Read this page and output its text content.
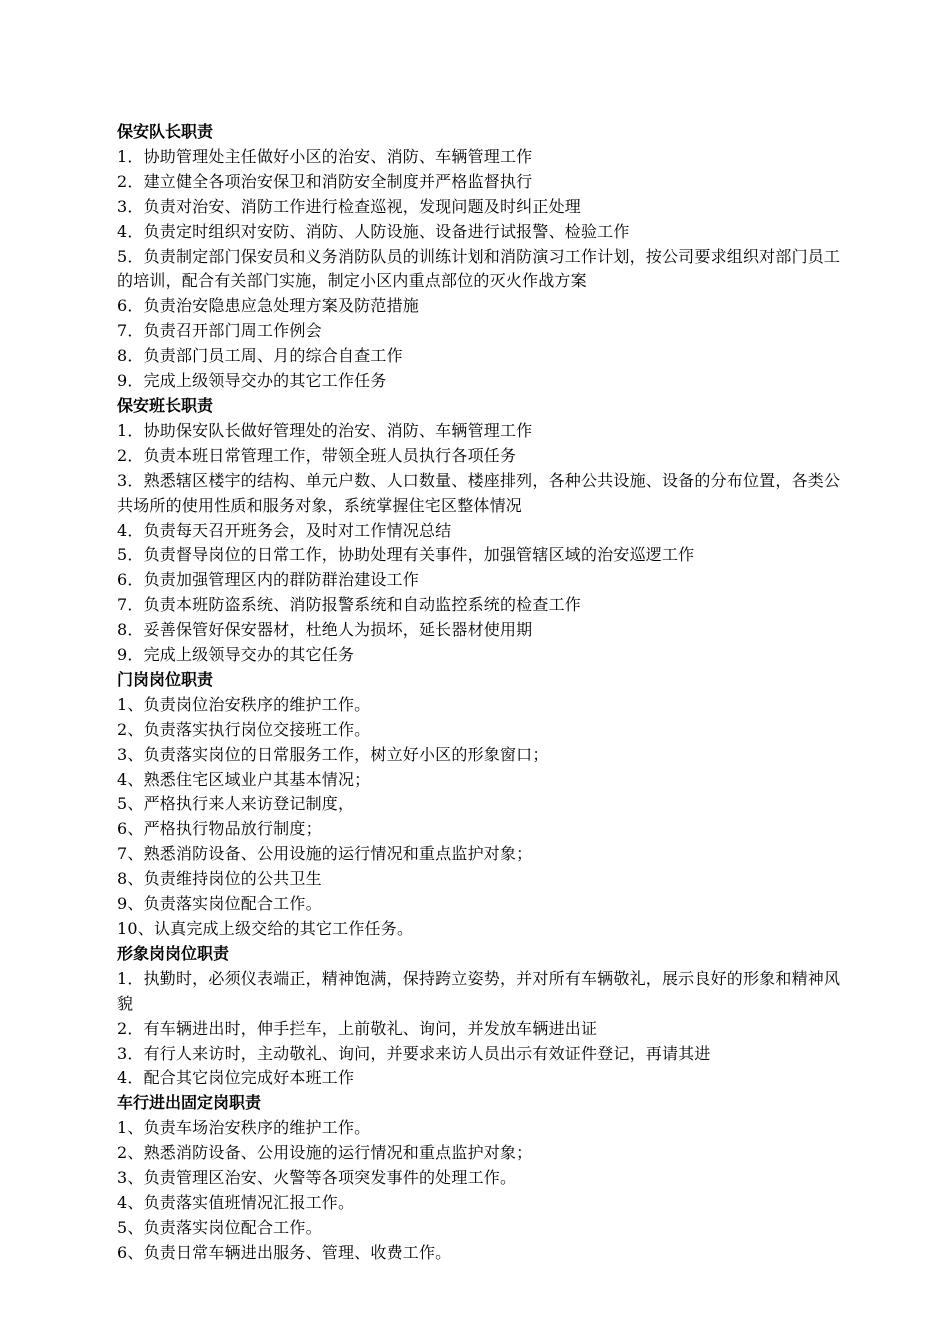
保安队长职责

1．协助管理处主任做好小区的治安、消防、车辆管理工作

2．建立健全各项治安保卫和消防安全制度并严格监督执行

3．负责对治安、消防工作进行检查巡视，发现问题及时纠正处理

4．负责定时组织对安防、消防、人防设施、设备进行试报警、检验工作

5．负责制定部门保安员和义务消防队员的训练计划和消防演习工作计划，按公司要求组织对部门员工的培训，配合有关部门实施，制定小区内重点部位的灭火作战方案

6．负责治安隐患应急处理方案及防范措施

7．负责召开部门周工作例会

8．负责部门员工周、月的综合自查工作

9．完成上级领导交办的其它工作任务

保安班长职责

1．协助保安队长做好管理处的治安、消防、车辆管理工作

2．负责本班日常管理工作，带领全班人员执行各项任务

3．熟悉辖区楼宇的结构、单元户数、人口数量、楼座排列，各种公共设施、设备的分布位置，各类公共场所的使用性质和服务对象，系统掌握住宅区整体情况

4．负责每天召开班务会，及时对工作情况总结

5．负责督导岗位的日常工作，协助处理有关事件，加强管辖区域的治安巡逻工作

6．负责加强管理区内的群防群治建设工作

7．负责本班防盗系统、消防报警系统和自动监控系统的检查工作

8．妥善保管好保安器材，杜绝人为损坏，延长器材使用期

9．完成上级领导交办的其它任务

门岗岗位职责

1、负责岗位治安秩序的维护工作。

2、负责落实执行岗位交接班工作。

3、负责落实岗位的日常服务工作，树立好小区的形象窗口；

4、熟悉住宅区域业户其基本情况；

5、严格执行来人来访登记制度，

6、严格执行物品放行制度；

7、熟悉消防设备、公用设施的运行情况和重点监护对象；

8、负责维持岗位的公共卫生

9、负责落实岗位配合工作。

10、认真完成上级交给的其它工作任务。

形象岗岗位职责

1．执勤时，必须仪表端正，精神饱满，保持跨立姿势，并对所有车辆敬礼，展示良好的形象和精神风貌

2．有车辆进出时，伸手拦车，上前敬礼、询问，并发放车辆进出证

3．有行人来访时，主动敬礼、询问，并要求来访人员出示有效证件登记，再请其进

4．配合其它岗位完成好本班工作

车行进出固定岗职责

1、负责车场治安秩序的维护工作。

2、熟悉消防设备、公用设施的运行情况和重点监护对象；

3、负责管理区治安、火警等各项突发事件的处理工作。

4、负责落实值班情况汇报工作。

5、负责落实岗位配合工作。

6、负责日常车辆进出服务、管理、收费工作。
